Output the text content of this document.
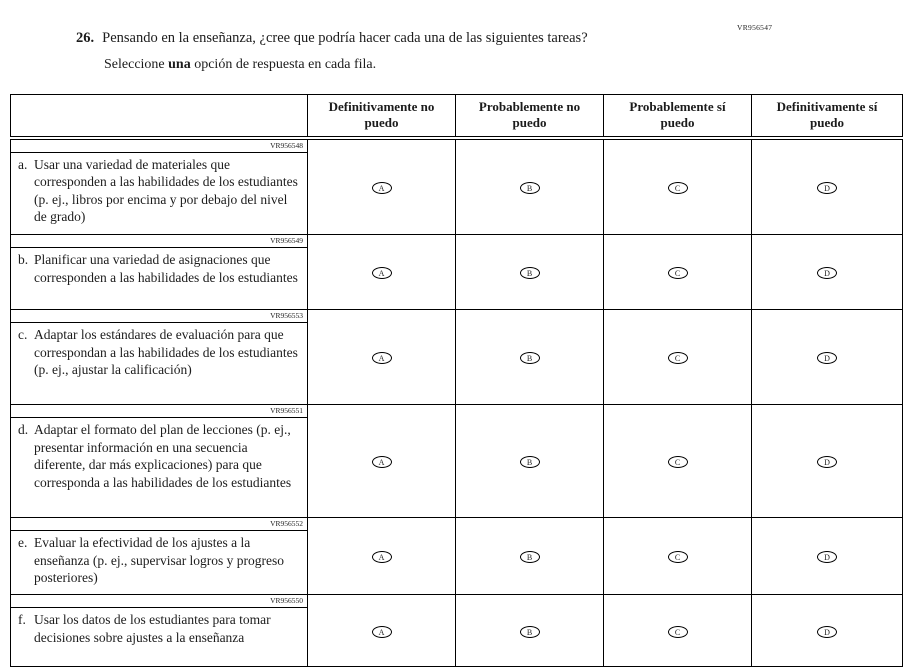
VR956547
26. Pensando en la enseñanza, ¿cree que podría hacer cada una de las siguientes tareas?
Seleccione una opción de respuesta en cada fila.
	Definitivamente no puedo	Probablemente no puedo	Probablemente sí puedo	Definitivamente sí puedo

VR956548
a. Usar una variedad de materiales que corresponden a las habilidades de los estudiantes (p. ej., libros por encima y por debajo del nivel de grado)	A	B	C	D

VR956549
b. Planificar una variedad de asignaciones que corresponden a las habilidades de los estudiantes	A	B	C	D

VR956553
c. Adaptar los estándares de evaluación para que correspondan a las habilidades de los estudiantes (p. ej., ajustar la calificación)	A	B	C	D

VR956551
d. Adaptar el formato del plan de lecciones (p. ej., presentar información en una secuencia diferente, dar más explicaciones) para que corresponda a las habilidades de los estudiantes	A	B	C	D

VR956552
e. Evaluar la efectividad de los ajustes a la enseñanza (p. ej., supervisar logros y progreso posteriores)	A	B	C	D

VR956550
f. Usar los datos de los estudiantes para tomar decisiones sobre ajustes a la enseñanza	A	B	C	D
